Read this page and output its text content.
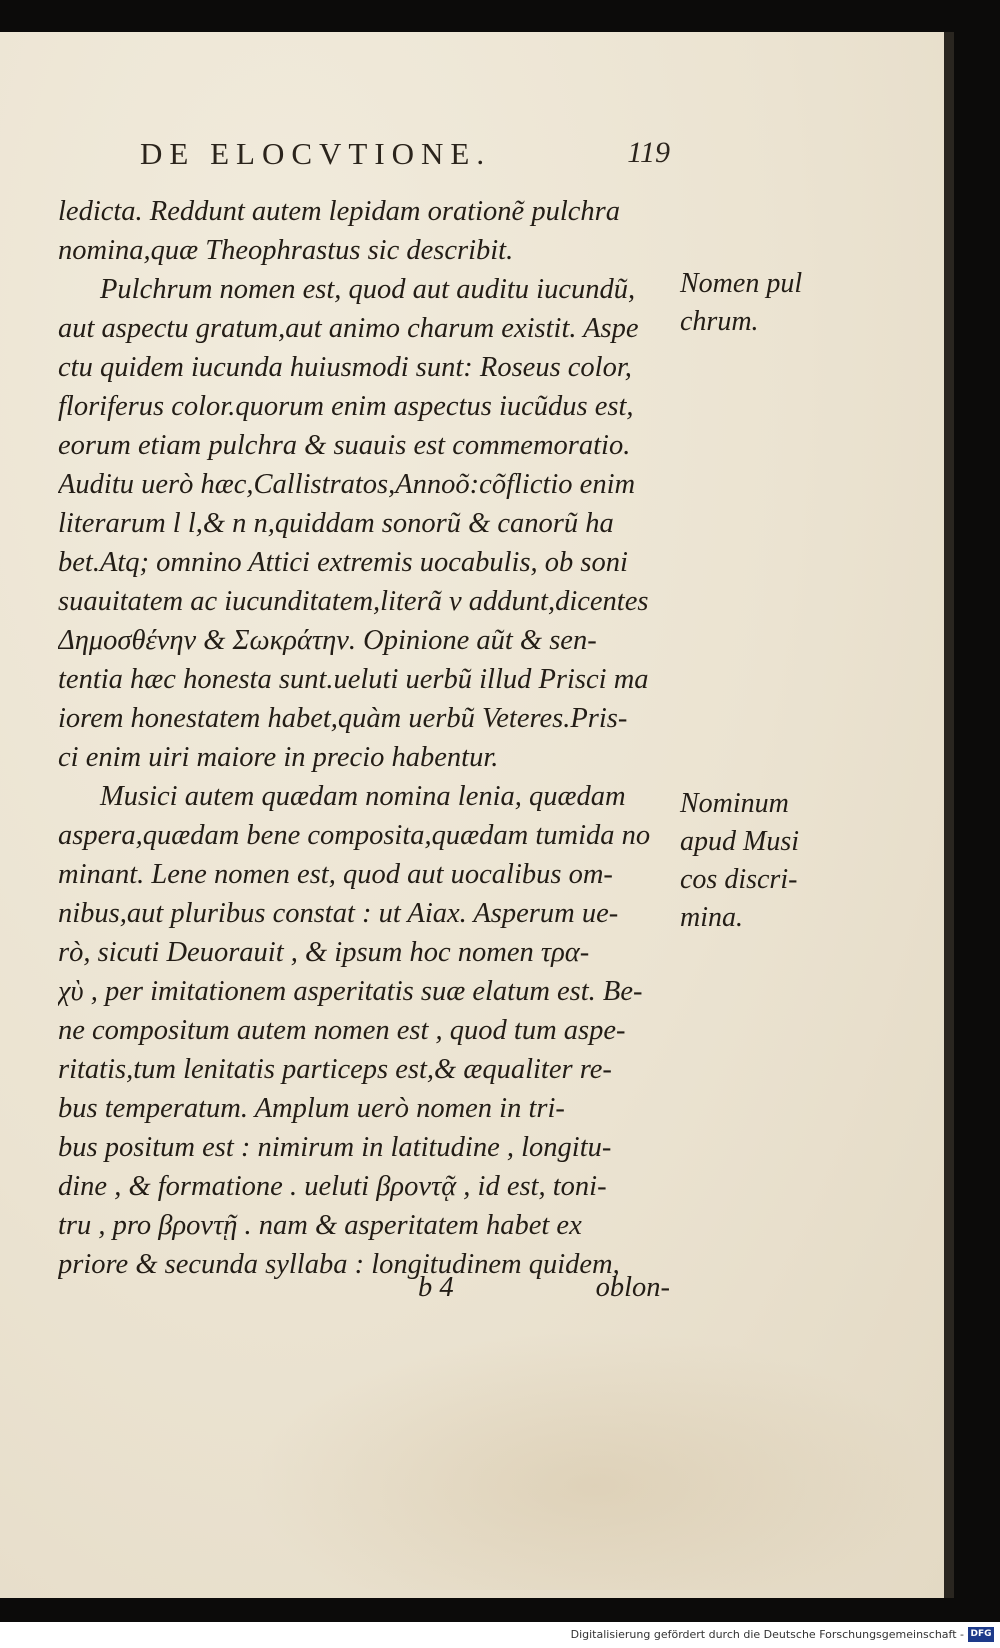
DE ELOCVTIONE.	119
ledicta. Reddunt autem lepidam orationẽ pulchra
nomina,quæ Theophrastus sic describit.
Pulchrum nomen est, quod aut auditu iucundũ,
aut aspectu gratum,aut animo charum existit. Aspe
ctu quidem iucunda huiusmodi sunt: Roseus color,
floriferus color.quorum enim aspectus iucũdus est,
eorum etiam pulchra & suauis est commemoratio.
Auditu uerò hæc,Callistratos,Annoõ:cõflictio enim
literarum l l,& n n,quiddam sonorũ & canorũ ha
bet.Atq; omnino Attici extremis uocabulis, ob soni
suauitatem ac iucunditatem,literã ν addunt,dicentes
Δημοσθένην & Σωκράτην. Opinione aũt & sen-
tentia hæc honesta sunt.ueluti uerbũ illud Prisci ma
iorem honestatem habet,quàm uerbũ Veteres.Pris-
ci enim uiri maiore in precio habentur.
Musici autem quædam nomina lenia, quædam
aspera,quædam bene composita,quædam tumida no
minant. Lene nomen est, quod aut uocalibus om-
nibus,aut pluribus constat : ut Aiax. Asperum ue-
rò, sicuti Deuorauit , & ipsum hoc nomen τρα-
χὺ , per imitationem asperitatis suæ elatum est. Be-
ne compositum autem nomen est , quod tum aspe-
ritatis,tum lenitatis particeps est,& æqualiter re-
bus temperatum. Amplum uerò nomen in tri-
bus positum est : nimirum in latitudine , longitu-
dine , & formatione . ueluti βροντᾷ , id est, toni-
tru , pro βροντῇ . nam & asperitatem habet ex
priore & secunda syllaba : longitudinem quidem,
b 4	oblon-
Nomen pul
chrum.
Nominum
apud Musi
cos discri-
mina.
Digitalisierung gefördert durch die Deutsche Forschungsgemeinschaft - DFG
